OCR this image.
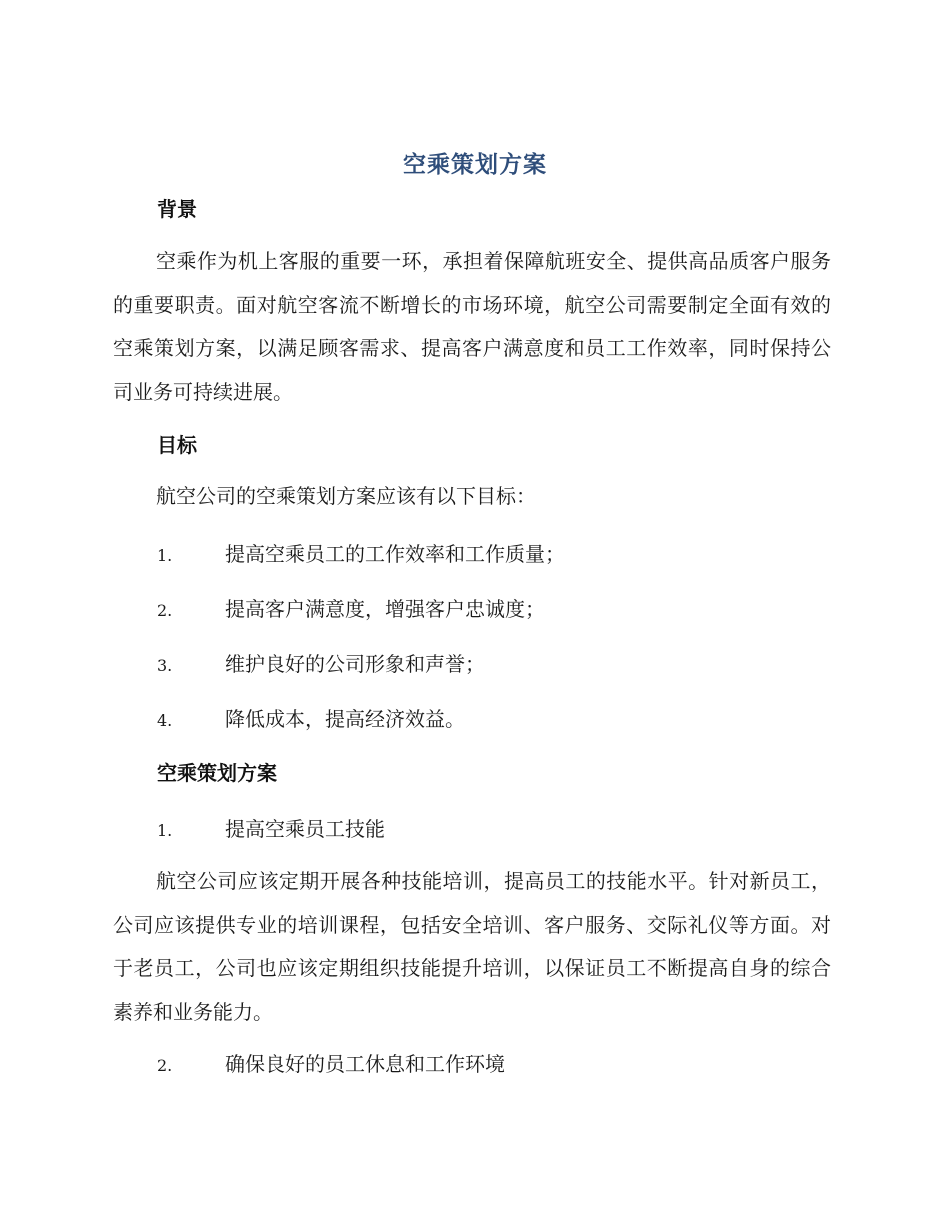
空乘策划方案
背景
空乘作为机上客服的重要一环，承担着保障航班安全、提供高品质客户服务的重要职责。面对航空客流不断增长的市场环境，航空公司需要制定全面有效的空乘策划方案，以满足顾客需求、提高客户满意度和员工工作效率，同时保持公司业务可持续进展。
目标
航空公司的空乘策划方案应该有以下目标：
1.	提高空乘员工的工作效率和工作质量；
2.	提高客户满意度，增强客户忠诚度；
3.	维护良好的公司形象和声誉；
4.	降低成本，提高经济效益。
空乘策划方案
1.	提高空乘员工技能
航空公司应该定期开展各种技能培训，提高员工的技能水平。针对新员工，公司应该提供专业的培训课程，包括安全培训、客户服务、交际礼仪等方面。对于老员工，公司也应该定期组织技能提升培训，以保证员工不断提高自身的综合素养和业务能力。
2.	确保良好的员工休息和工作环境
